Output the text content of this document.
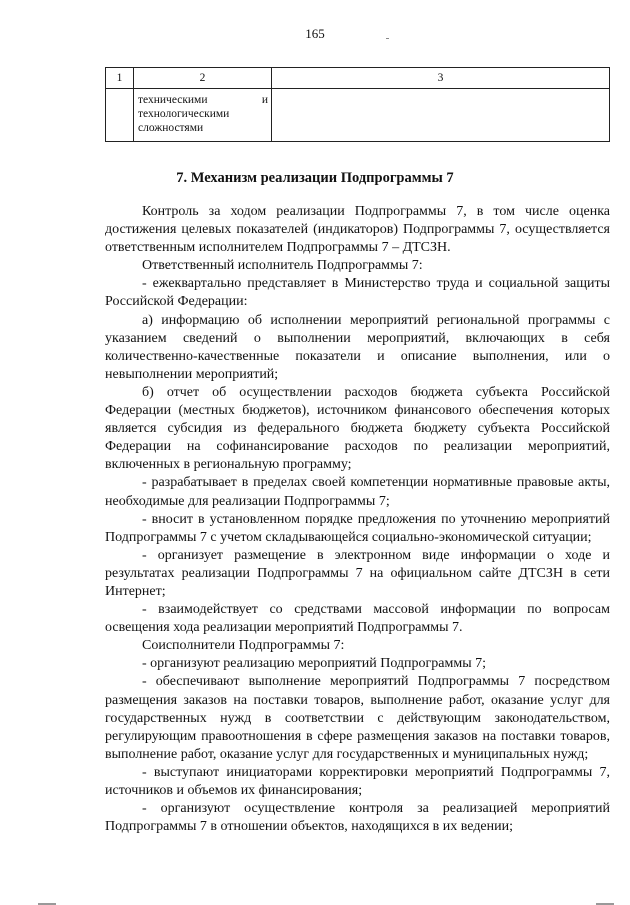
165
1	2	3

	техническими и
технологическими
сложностями	

7. Механизм реализации Подпрограммы 7

Контроль за ходом реализации Подпрограммы 7, в том числе оценка достижения целевых показателей (индикаторов) Подпрограммы 7, осуществляется ответственным исполнителем Подпрограммы 7 – ДТСЗН.

Ответственный исполнитель Подпрограммы 7:

- ежеквартально представляет в Министерство труда и социальной защиты Российской Федерации:

а) информацию об исполнении мероприятий региональной программы с указанием сведений о выполнении мероприятий, включающих в себя количественно-качественные показатели и описание выполнения, или о невыполнении мероприятий;

б) отчет об осуществлении расходов бюджета субъекта Российской Федерации (местных бюджетов), источником финансового обеспечения которых является субсидия из федерального бюджета бюджету субъекта Российской Федерации на софинансирование расходов по реализации мероприятий, включенных в региональную программу;

- разрабатывает в пределах своей компетенции нормативные правовые акты, необходимые для реализации Подпрограммы 7;

- вносит в установленном порядке предложения по уточнению мероприятий Подпрограммы 7 с учетом складывающейся социально-экономической ситуации;

- организует размещение в электронном виде информации о ходе и результатах реализации Подпрограммы 7 на официальном сайте ДТСЗН в сети Интернет;

- взаимодействует со средствами массовой информации по вопросам освещения хода реализации мероприятий Подпрограммы 7.

Соисполнители Подпрограммы 7:

- организуют реализацию мероприятий Подпрограммы 7;

- обеспечивают выполнение мероприятий Подпрограммы 7 посредством размещения заказов на поставки товаров, выполнение работ, оказание услуг для государственных нужд в соответствии с действующим законодательством, регулирующим правоотношения в сфере размещения заказов на поставки товаров, выполнение работ, оказание услуг для государственных и муниципальных нужд;

- выступают инициаторами корректировки мероприятий Подпрограммы 7, источников и объемов их финансирования;

- организуют осуществление контроля за реализацией мероприятий Подпрограммы 7 в отношении объектов, находящихся в их ведении;
